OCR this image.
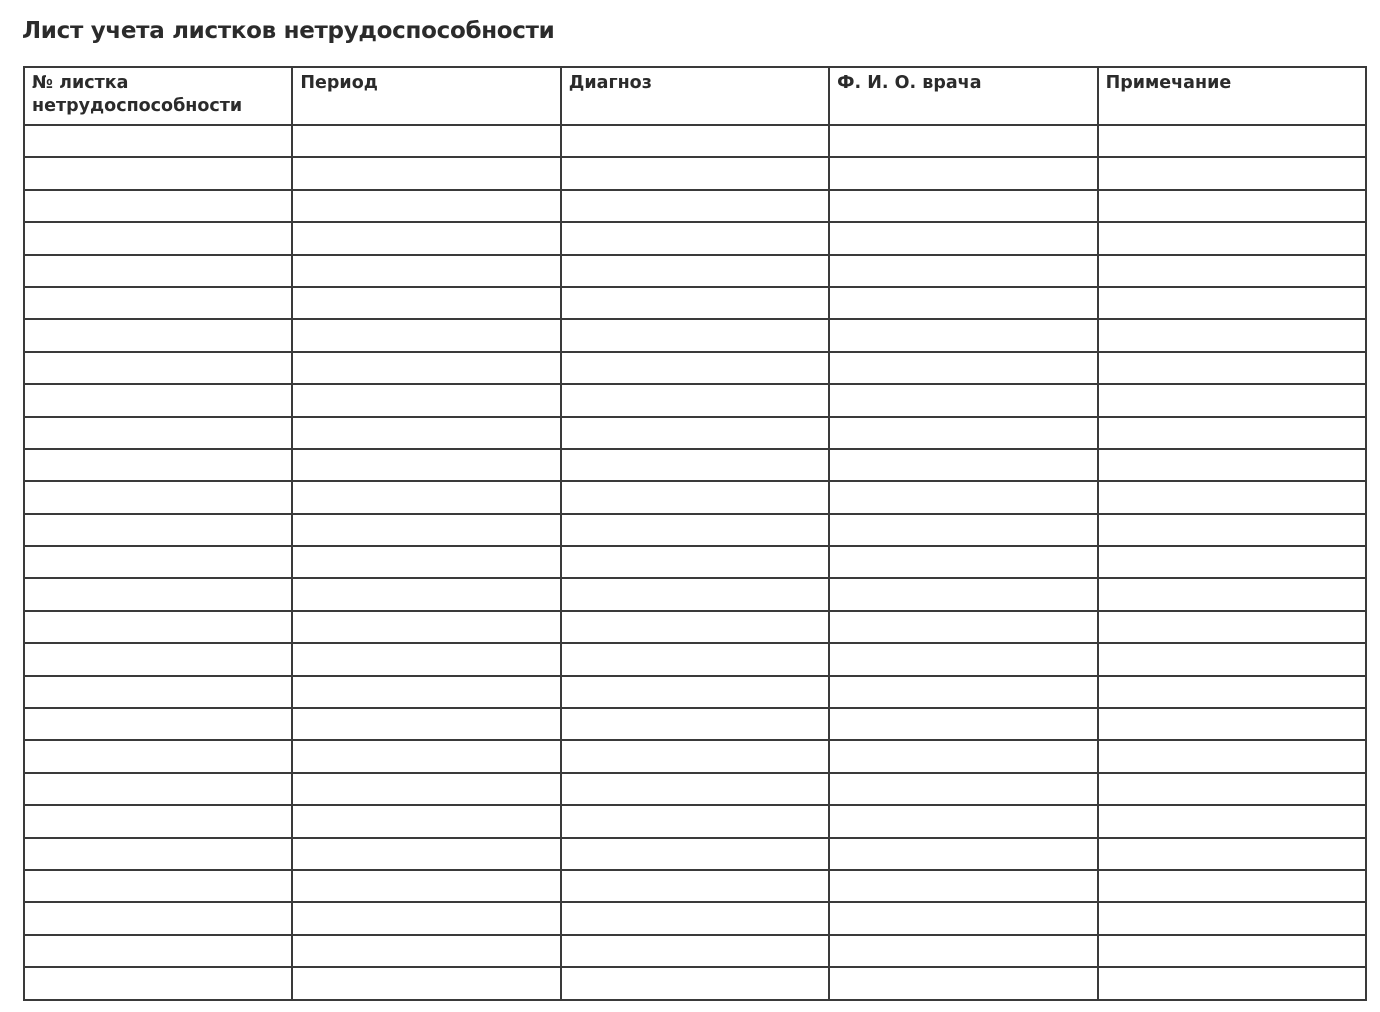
Лист учета листков нетрудоспособности
№ листка нетрудоспособности	Период	Диагноз	Ф. И. О. врача	Примечание
